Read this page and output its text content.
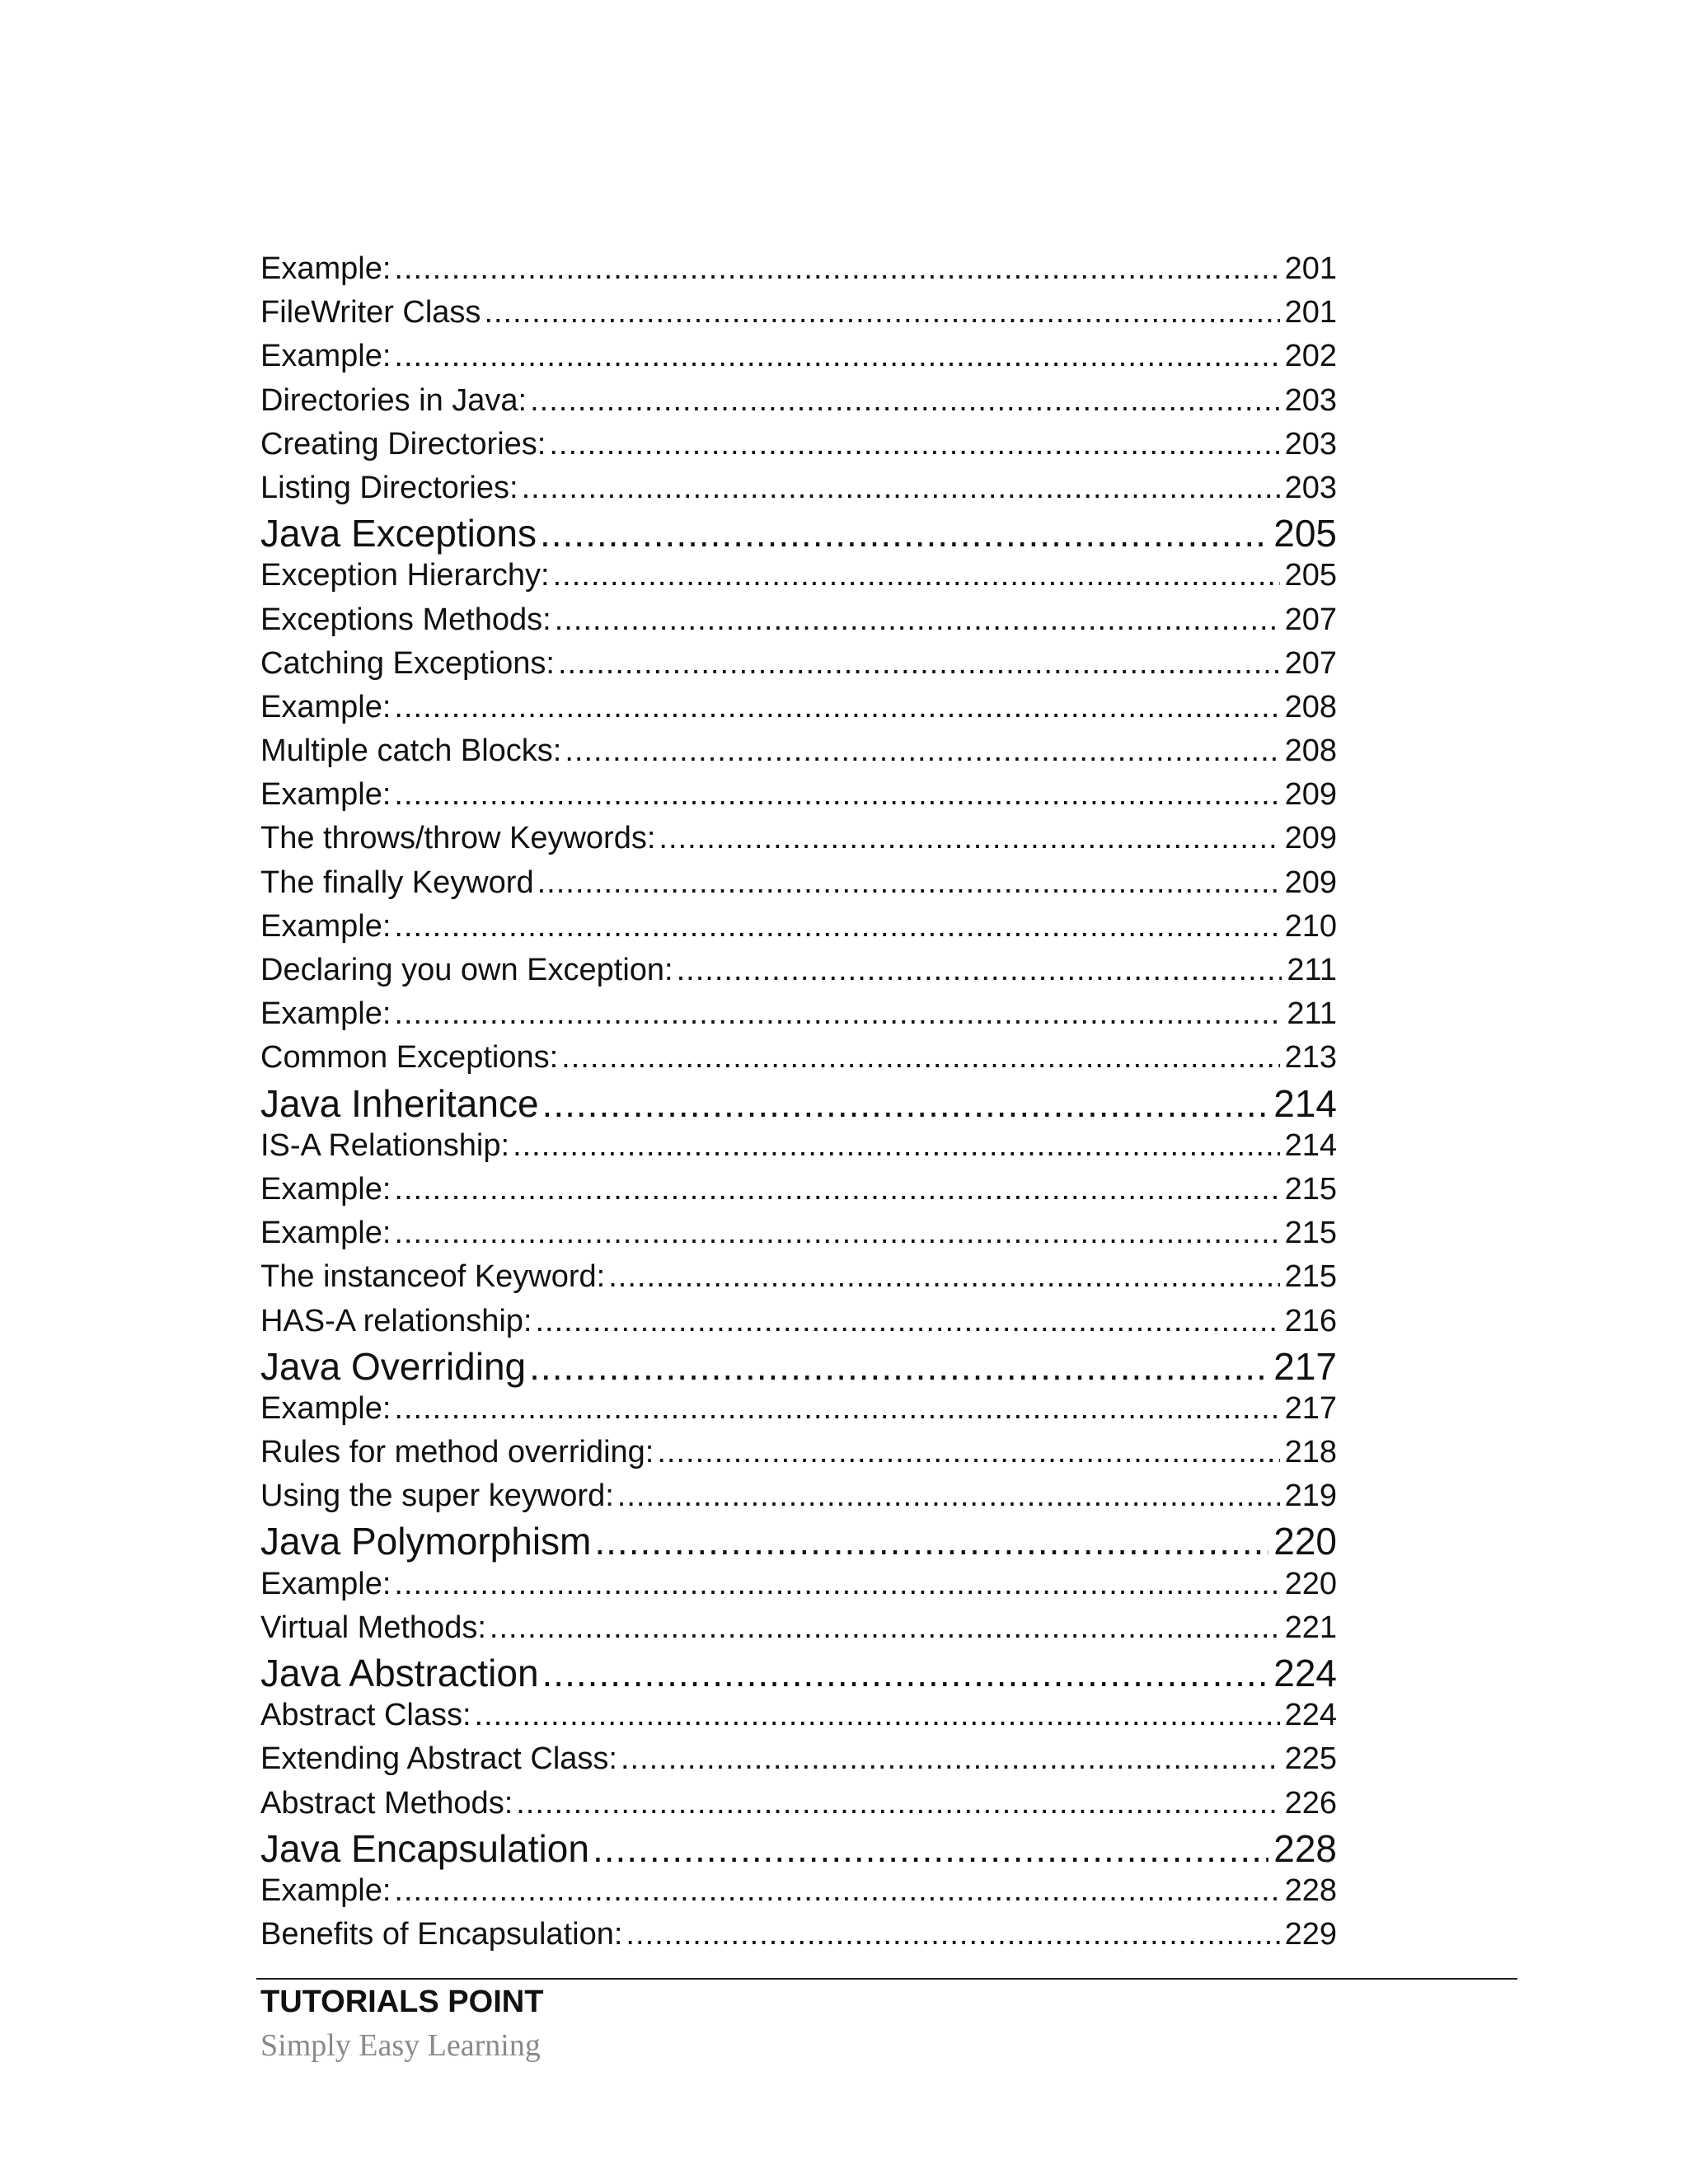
Example: .....	201
FileWriter Class .....	201
Example: .....	202
Directories in Java: .....	203
Creating Directories: .....	203
Listing Directories: .....	203
Java Exceptions .....	205
Exception Hierarchy: .....	205
Exceptions Methods: .....	207
Catching Exceptions: .....	207
Example: .....	208
Multiple catch Blocks: .....	208
Example: .....	209
The throws/throw Keywords: .....	209
The finally Keyword .....	209
Example: .....	210
Declaring you own Exception: .....	211
Example: .....	211
Common Exceptions: .....	213
Java Inheritance .....	214
IS-A Relationship: .....	214
Example: .....	215
Example: .....	215
The instanceof Keyword: .....	215
HAS-A relationship: .....	216
Java Overriding .....	217
Example: .....	217
Rules for method overriding: .....	218
Using the super keyword: .....	219
Java Polymorphism .....	220
Example: .....	220
Virtual Methods: .....	221
Java Abstraction .....	224
Abstract Class: .....	224
Extending Abstract Class: .....	225
Abstract Methods: .....	226
Java Encapsulation .....	228
Example: .....	228
Benefits of Encapsulation: .....	229
TUTORIALS POINT
Simply Easy Learning
